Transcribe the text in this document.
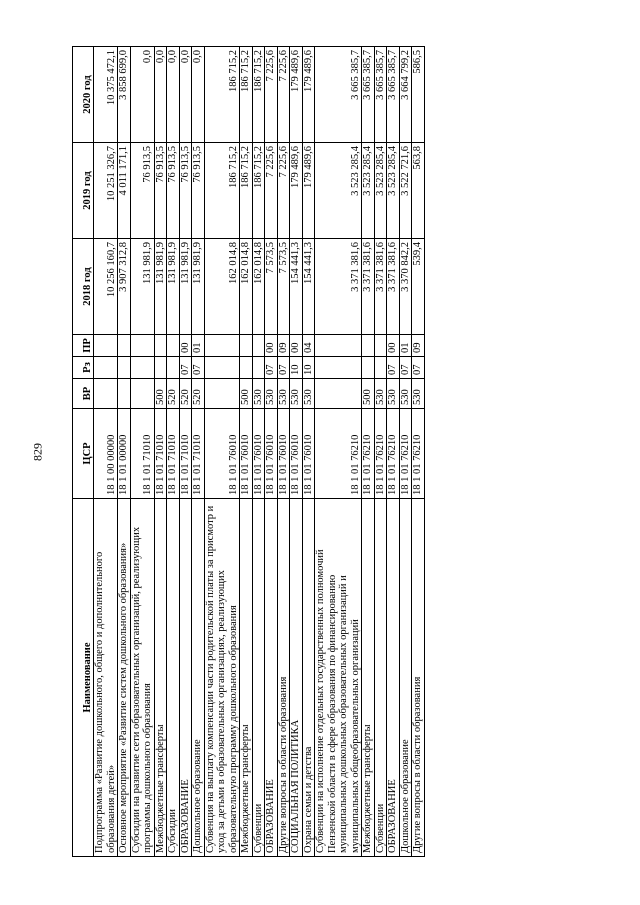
829
Наименование	ЦСР	ВР	Рз	ПР	2018 год	2019 год	2020 год
Подпрограмма «Развитие дошкольного, общего и дополнительного образования детей»	18 1 00 00000				10 256 160,7	10 251 326,7	10 375 472,1
Основное мероприятие «Развитие систем дошкольного образования»	18 1 01 00000				3 907 312,8	4 011 171,1	3 858 699,0
Субсидии на развитие сети образовательных организаций, реализующих программы дошкольного образования	18 1 01 71010				131 981,9	76 913,5	0,0
Межбюджетные трансферты	18 1 01 71010	500			131 981,9	76 913,5	0,0
Субсидии	18 1 01 71010	520			131 981,9	76 913,5	0,0
ОБРАЗОВАНИЕ	18 1 01 71010	520	07	00	131 981,9	76 913,5	0,0
Дошкольное образование	18 1 01 71010	520	07	01	131 981,9	76 913,5	0,0
Субвенция на выплату компенсации части родительской платы за присмотр и уход за детьми в образовательных организациях, реализующих образовательную программу дошкольного образования	18 1 01 76010				162 014,8	186 715,2	186 715,2
Межбюджетные трансферты	18 1 01 76010	500			162 014,8	186 715,2	186 715,2
Субвенции	18 1 01 76010	530			162 014,8	186 715,2	186 715,2
ОБРАЗОВАНИЕ	18 1 01 76010	530	07	00	7 573,5	7 225,6	7 225,6
Другие вопросы в области образования	18 1 01 76010	530	07	09	7 573,5	7 225,6	7 225,6
СОЦИАЛЬНАЯ ПОЛИТИКА	18 1 01 76010	530	10	00	154 441,3	179 489,6	179 489,6
Охрана семьи и детства	18 1 01 76010	530	10	04	154 441,3	179 489,6	179 489,6
Субвенции на исполнение отдельных государственных полномочий Пензенской области в сфере образования по финансированию муниципальных дошкольных образовательных организаций и муниципальных общеобразовательных организаций	18 1 01 76210				3 371 381,6	3 523 285,4	3 665 385,7
Межбюджетные трансферты	18 1 01 76210	500			3 371 381,6	3 523 285,4	3 665 385,7
Субвенции	18 1 01 76210	530			3 371 381,6	3 523 285,4	3 665 385,7
ОБРАЗОВАНИЕ	18 1 01 76210	530	07	00	3 371 381,6	3 523 285,4	3 665 385,7
Дошкольное образование	18 1 01 76210	530	07	01	3 370 842,2	3 522 721,6	3 664 799,2
Другие вопросы в области образования	18 1 01 76210	530	07	09	539,4	563,8	586,5
